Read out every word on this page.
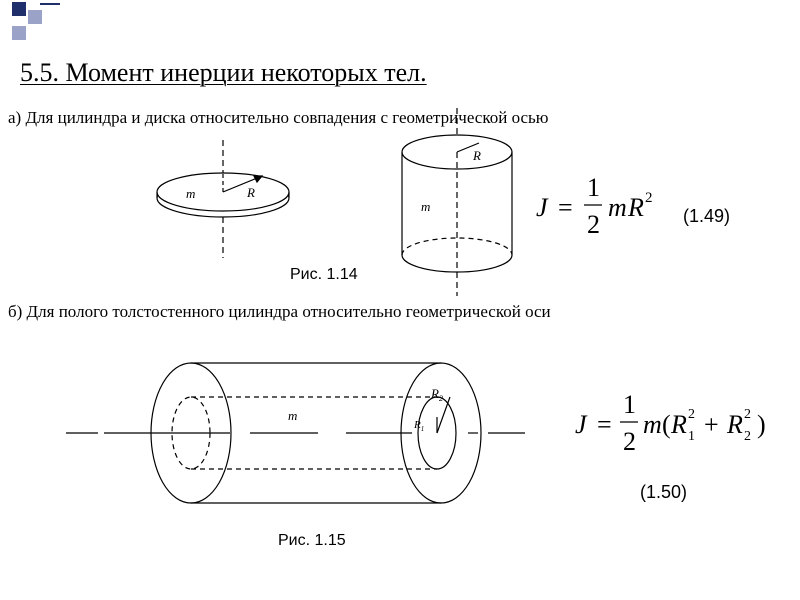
5.5. Момент инерции некоторых тел.
а) Для цилиндра и диска относительно совпадения с геометрической осью
б) Для полого толстостенного цилиндра относительно геометрической оси
m	R
R
m	J =
1
2
m R 2
(1.49)
Рис. 1.14
m
$R_2$
$R_1$	J =
1
2
m ( R 2
1 + R 2
2 )
(1.50)
Рис. 1.15
